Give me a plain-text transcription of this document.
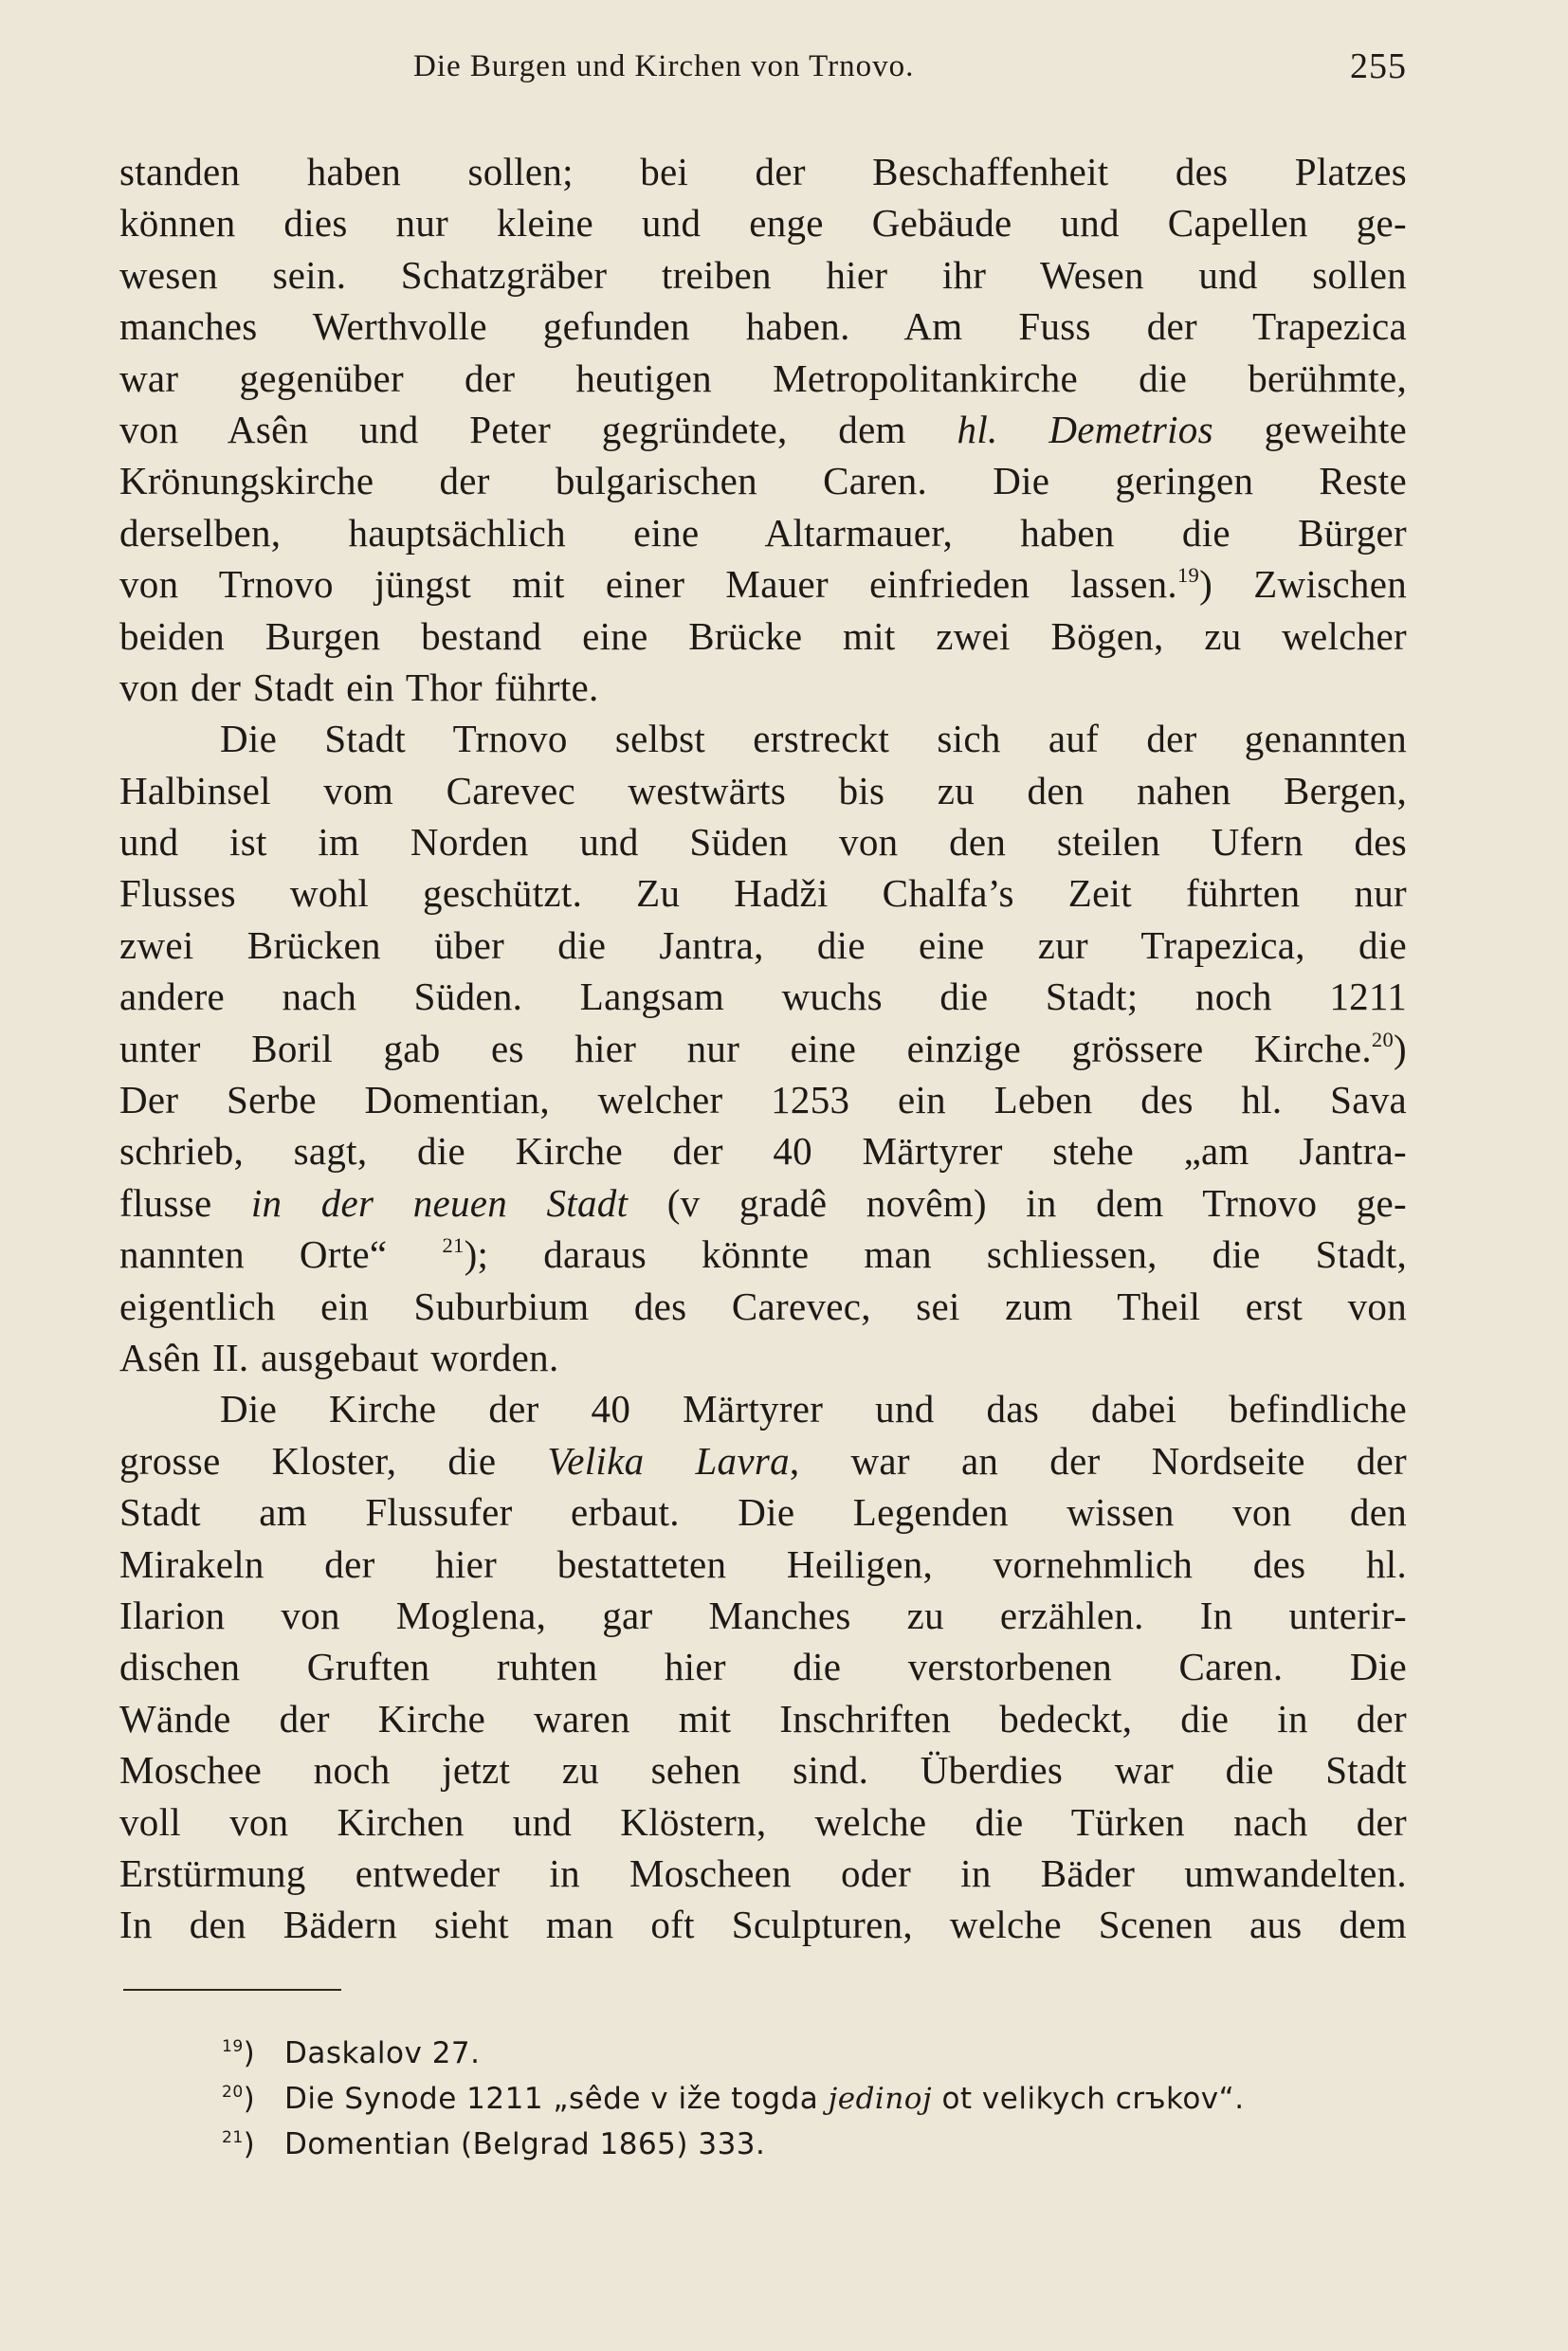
Die Burgen und Kirchen von Trnovo.	255
standen haben sollen; bei der Beschaffenheit des Platzes
können dies nur kleine und enge Gebäude und Capellen ge-
wesen sein. Schatzgräber treiben hier ihr Wesen und sollen
manches Werthvolle gefunden haben. Am Fuss der Trapezica
war gegenüber der heutigen Metropolitankirche die berühmte,
von Asên und Peter gegründete, dem hl. Demetrios geweihte
Krönungskirche der bulgarischen Caren. Die geringen Reste
derselben, hauptsächlich eine Altarmauer, haben die Bürger
von Trnovo jüngst mit einer Mauer einfrieden lassen.$^{19}$) Zwischen
beiden Burgen bestand eine Brücke mit zwei Bögen, zu welcher
von der Stadt ein Thor führte.
Die Stadt Trnovo selbst erstreckt sich auf der genannten
Halbinsel vom Carevec westwärts bis zu den nahen Bergen,
und ist im Norden und Süden von den steilen Ufern des
Flusses wohl geschützt. Zu Hadži Chalfa’s Zeit führten nur
zwei Brücken über die Jantra, die eine zur Trapezica, die
andere nach Süden. Langsam wuchs die Stadt; noch 1211
unter Boril gab es hier nur eine einzige grössere Kirche.$^{20}$)
Der Serbe Domentian, welcher 1253 ein Leben des hl. Sava
schrieb, sagt, die Kirche der 40 Märtyrer stehe „am Jantra-
flusse in der neuen Stadt (v gradê novêm) in dem Trnovo ge-
nannten Orte“ $^{21}$); daraus könnte man schliessen, die Stadt,
eigentlich ein Suburbium des Carevec, sei zum Theil erst von
Asên II. ausgebaut worden.
Die Kirche der 40 Märtyrer und das dabei befindliche
grosse Kloster, die Velika Lavra, war an der Nordseite der
Stadt am Flussufer erbaut. Die Legenden wissen von den
Mirakeln der hier bestatteten Heiligen, vornehmlich des hl.
Ilarion von Moglena, gar Manches zu erzählen. In unterir-
dischen Gruften ruhten hier die verstorbenen Caren. Die
Wände der Kirche waren mit Inschriften bedeckt, die in der
Moschee noch jetzt zu sehen sind. Überdies war die Stadt
voll von Kirchen und Klöstern, welche die Türken nach der
Erstürmung entweder in Moscheen oder in Bäder umwandelten.
In den Bädern sieht man oft Sculpturen, welche Scenen aus dem
$^{19}$) Daskalov 27.
$^{20}$) Die Synode 1211 „sêde v iže togda jedinoj ot velikych crъkov“.
$^{21}$) Domentian (Belgrad 1865) 333.
